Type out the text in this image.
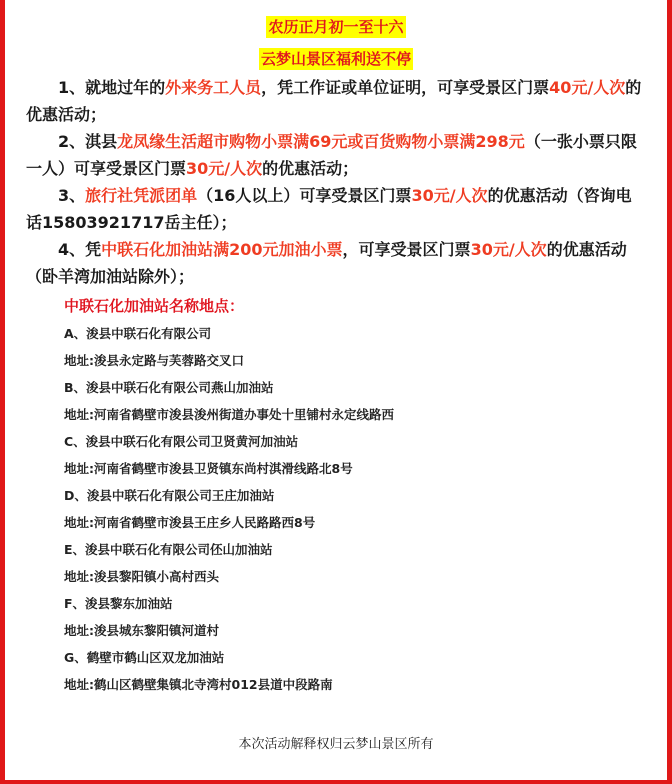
农历正月初一至十六
云梦山景区福利送不停

1、就地过年的外来务工人员，凭工作证或单位证明，可享受景区门票40元/人次的优惠活动；

2、淇县龙凤缘生活超市购物小票满69元或百货购物小票满298元（一张小票只限一人）可享受景区门票30元/人次的优惠活动；

3、旅行社凭派团单（16人以上）可享受景区门票30元/人次的优惠活动（咨询电话15803921717岳主任）；

4、凭中联石化加油站满200元加油小票，可享受景区门票30元/人次的优惠活动（卧羊湾加油站除外）；

中联石化加油站名称地点：
A、浚县中联石化有限公司
地址:浚县永定路与芙蓉路交叉口
B、浚县中联石化有限公司燕山加油站
地址:河南省鹤壁市浚县浚州街道办事处十里铺村永定线路西
C、浚县中联石化有限公司卫贤黄河加油站
地址:河南省鹤壁市浚县卫贤镇东尚村淇滑线路北8号
D、浚县中联石化有限公司王庄加油站
地址:河南省鹤壁市浚县王庄乡人民路路西8号
E、浚县中联石化有限公司伾山加油站
地址:浚县黎阳镇小高村西头
F、浚县黎东加油站
地址:浚县城东黎阳镇河道村
G、鹤壁市鹤山区双龙加油站
地址:鹤山区鹤壁集镇北寺湾村012县道中段路南
本次活动解释权归云梦山景区所有
